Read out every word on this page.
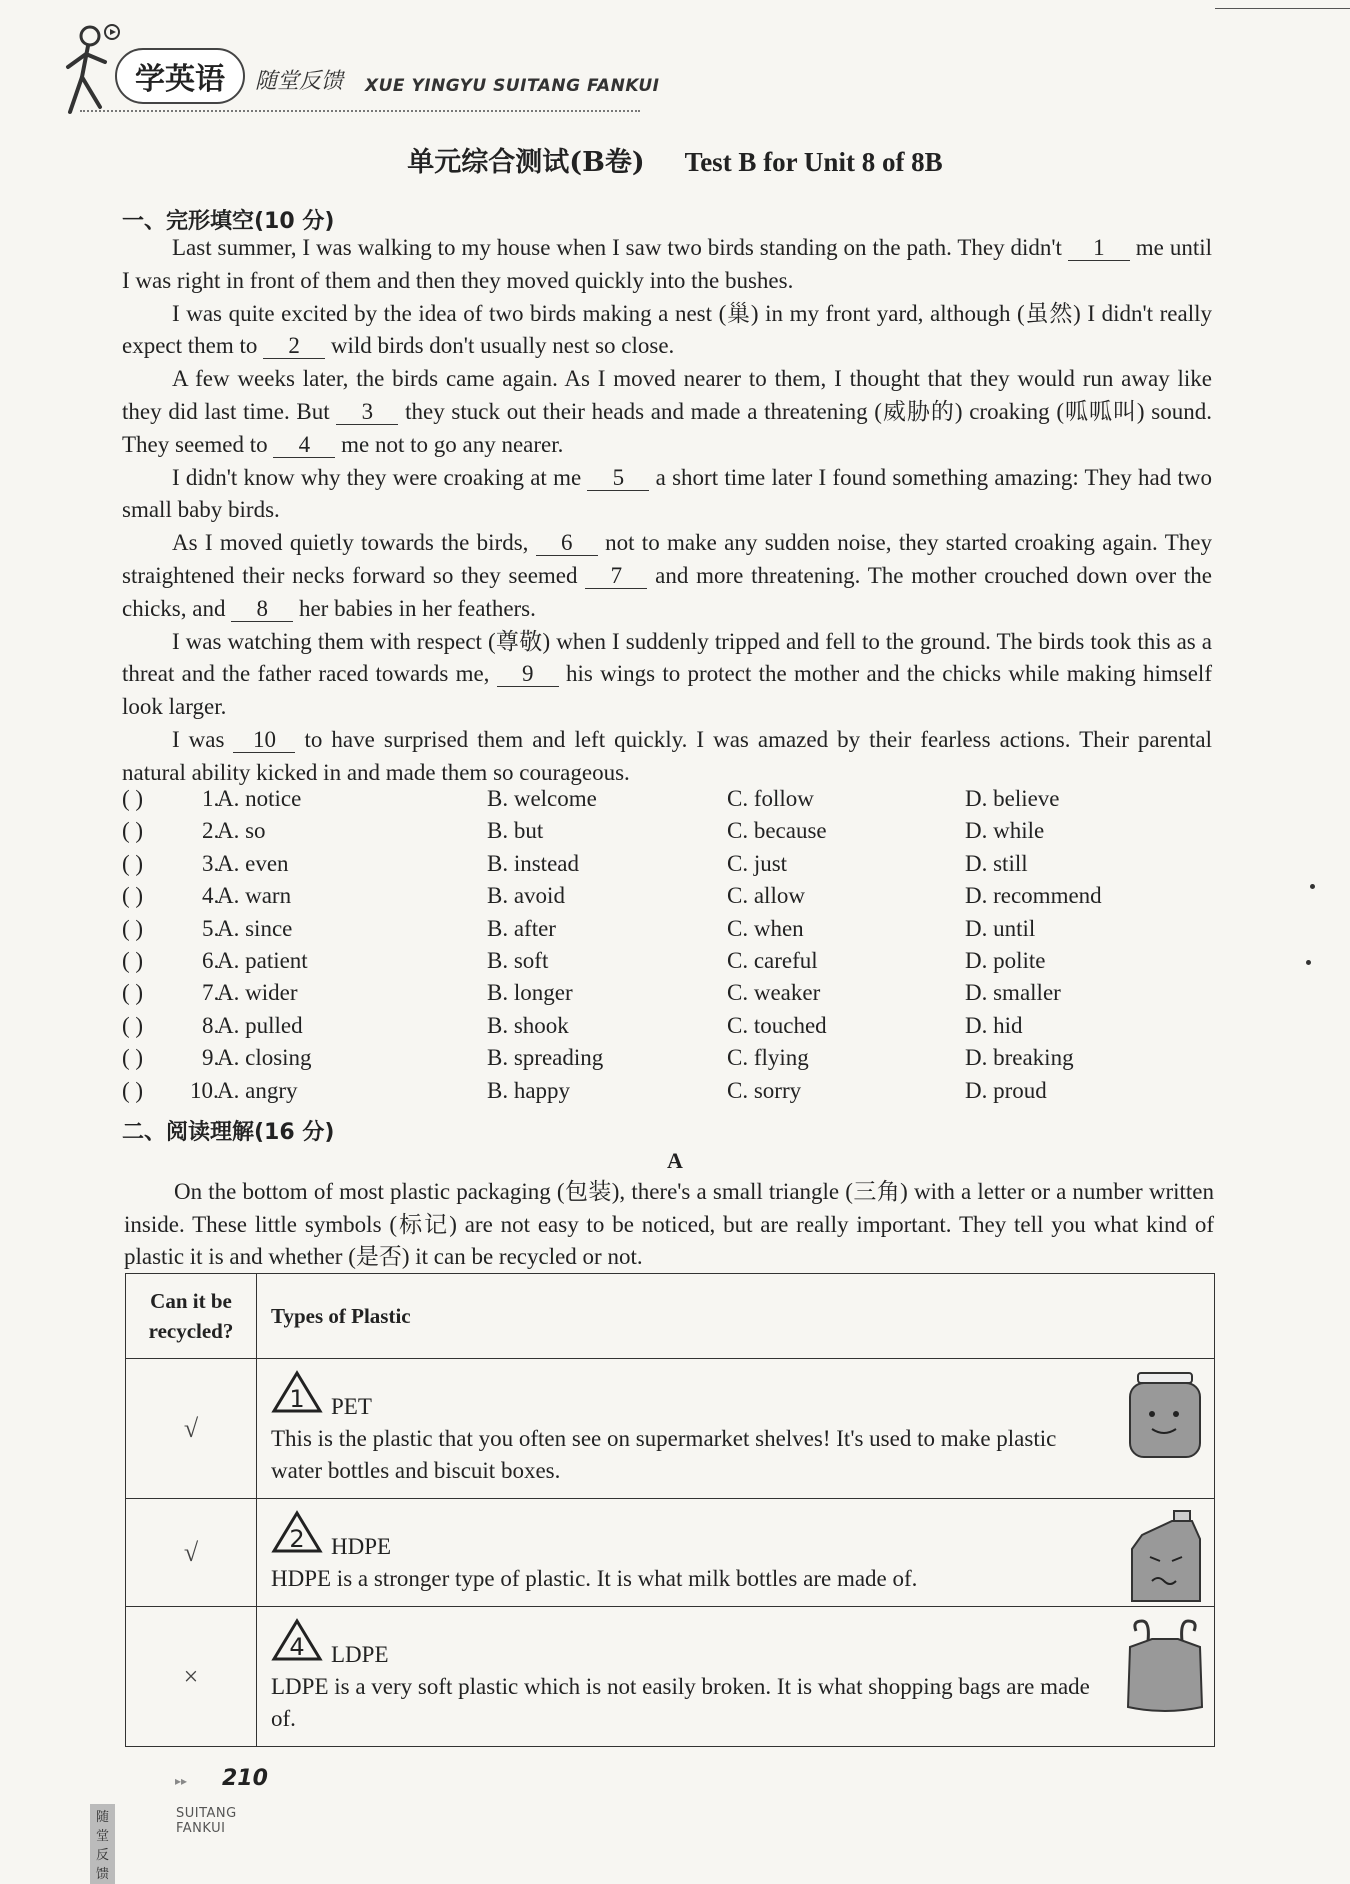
学英语	随堂反馈 XUE YINGYU SUITANG FANKUI
单元综合测试(B卷) Test B for Unit 8 of 8B
一、完形填空(10 分)

Last summer, I was walking to my house when I saw two birds standing on the path. They didn't 1 me until I was right in front of them and then they moved quickly into the bushes.

I was quite excited by the idea of two birds making a nest (巢) in my front yard, although (虽然) I didn't really expect them to 2 wild birds don't usually nest so close.

A few weeks later, the birds came again. As I moved nearer to them, I thought that they would run away like they did last time. But 3 they stuck out their heads and made a threatening (威胁的) croaking (呱呱叫) sound. They seemed to 4 me not to go any nearer.

I didn't know why they were croaking at me 5 a short time later I found something amazing: They had two small baby birds.

As I moved quietly towards the birds, 6 not to make any sudden noise, they started croaking again. They straightened their necks forward so they seemed 7 and more threatening. The mother crouched down over the chicks, and 8 her babies in her feathers.

I was watching them with respect (尊敬) when I suddenly tripped and fell to the ground. The birds took this as a threat and the father raced towards me, 9 his wings to protect the mother and the chicks while making himself look larger.

I was 10 to have surprised them and left quickly. I was amazed by their fearless actions. Their parental natural ability kicked in and made them so courageous.

( )	1.
A. notice	B. welcome	C. follow	D. believe
( )	2.
A. so	B. but	C. because	D. while
( )	3.
A. even	B. instead	C. just	D. still
( )	4.
A. warn	B. avoid	C. allow	D. recommend
( )	5.
A. since	B. after	C. when	D. until
( )	6.
A. patient	B. soft	C. careful	D. polite
( )	7.
A. wider	B. longer	C. weaker	D. smaller
( )	8.
A. pulled	B. shook	C. touched	D. hid
( )	9.
A. closing	B. spreading	C. flying	D. breaking
( ) 10.
A. angry	B. happy	C. sorry	D. proud
二、阅读理解(16 分)
A

On the bottom of most plastic packaging (包装), there's a small triangle (三角) with a letter or a number written inside. These little symbols (标记) are not easy to be noticed, but are really important. They tell you what kind of plastic it is and whether (是否) it can be recycled or not.

Can it be
recycled?	Types of Plastic
√	1 PET
This is the plastic that you often see on supermarket shelves! It's used to make plastic water bottles and biscuit boxes.

√	2 HDPE
HDPE is a stronger type of plastic. It is what milk bottles are made of.

×	4 LDPE
LDPE is a very soft plastic which is not easily broken. It is what shopping bags are made of.
▸▸ 210
随堂反馈
SUITANG FANKUI
